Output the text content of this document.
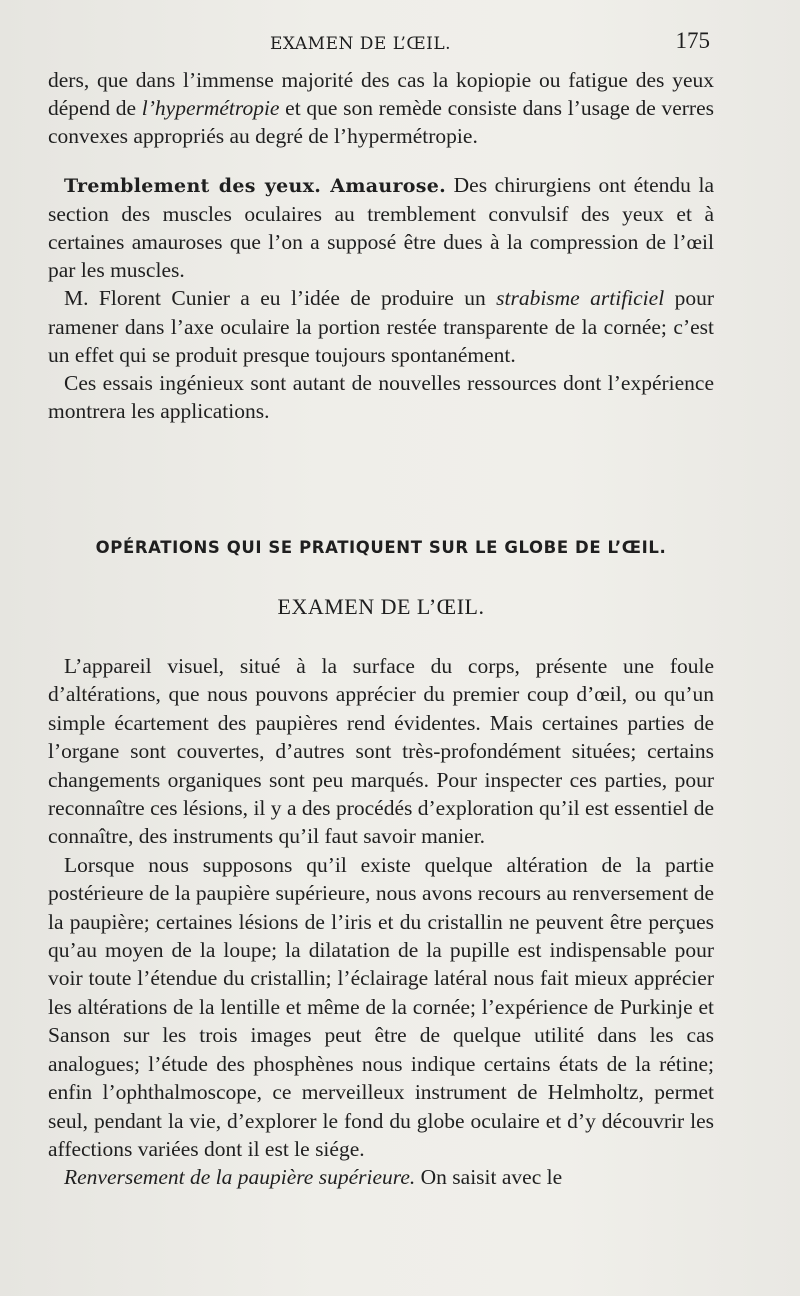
EXAMEN DE L’ŒIL.	175

ders, que dans l’immense majorité des cas la kopiopie ou fatigue des yeux dépend de l’hypermétropie et que son remède consiste dans l’usage de verres convexes appropriés au degré de l’hypermétropie.

Tremblement des yeux. Amaurose. Des chirurgiens ont étendu la section des muscles oculaires au tremblement convulsif des yeux et à certaines amauroses que l’on a supposé être dues à la compression de l’œil par les muscles.

M. Florent Cunier a eu l’idée de produire un strabisme artificiel pour ramener dans l’axe oculaire la portion restée transparente de la cornée; c’est un effet qui se produit presque toujours spontanément.

Ces essais ingénieux sont autant de nouvelles ressources dont l’expérience montrera les applications.

OPÉRATIONS QUI SE PRATIQUENT SUR LE GLOBE DE L’ŒIL.
EXAMEN DE L’ŒIL.

L’appareil visuel, situé à la surface du corps, présente une foule d’altérations, que nous pouvons apprécier du premier coup d’œil, ou qu’un simple écartement des paupières rend évidentes. Mais certaines parties de l’organe sont couvertes, d’autres sont très-profondément situées; certains changements organiques sont peu marqués. Pour inspecter ces parties, pour reconnaître ces lésions, il y a des procédés d’exploration qu’il est essentiel de connaître, des instruments qu’il faut savoir manier.

Lorsque nous supposons qu’il existe quelque altération de la partie postérieure de la paupière supérieure, nous avons recours au renversement de la paupière; certaines lésions de l’iris et du cristallin ne peuvent être perçues qu’au moyen de la loupe; la dilatation de la pupille est indispensable pour voir toute l’étendue du cristallin; l’éclairage latéral nous fait mieux apprécier les altérations de la lentille et même de la cornée; l’expérience de Purkinje et Sanson sur les trois images peut être de quelque utilité dans les cas analogues; l’étude des phosphènes nous indique certains états de la rétine; enfin l’ophthalmoscope, ce merveilleux instrument de Helmholtz, permet seul, pendant la vie, d’explorer le fond du globe oculaire et d’y découvrir les affections variées dont il est le siége.

Renversement de la paupière supérieure. On saisit avec le
